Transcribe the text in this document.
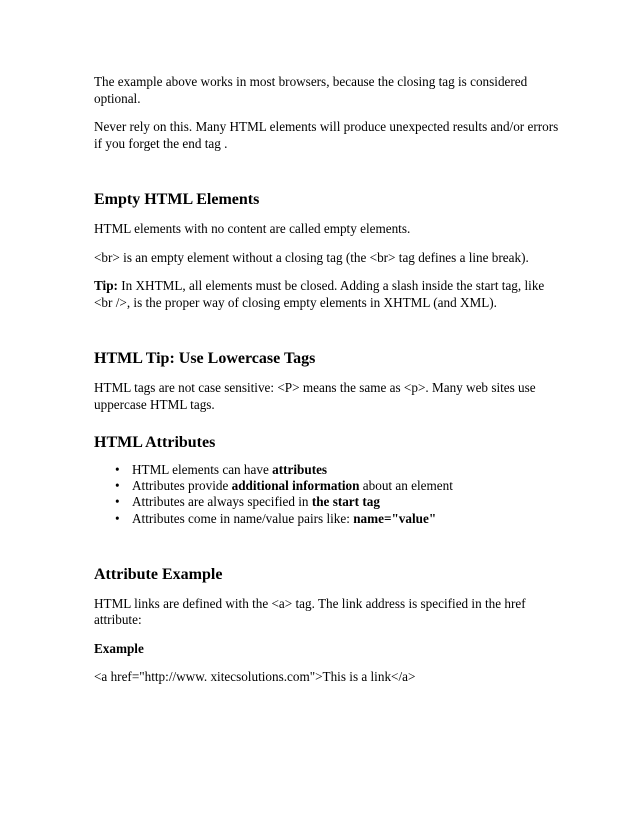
The example above works in most browsers, because the closing tag is considered optional.

Never rely on this. Many HTML elements will produce unexpected results and/or errors if you forget the end tag .

Empty HTML Elements

HTML elements with no content are called empty elements.

<br> is an empty element without a closing tag (the <br> tag defines a line break).

Tip: In XHTML, all elements must be closed. Adding a slash inside the start tag, like <br />, is the proper way of closing empty elements in XHTML (and XML).

HTML Tip: Use Lowercase Tags

HTML tags are not case sensitive: <P> means the same as <p>. Many web sites use uppercase HTML tags.

HTML Attributes
• HTML elements can have attributes
• Attributes provide additional information about an element
• Attributes are always specified in the start tag
• Attributes come in name/value pairs like: name="value"
Attribute Example

HTML links are defined with the <a> tag. The link address is specified in the href attribute:

Example

<a href="http://www. xitecsolutions.com">This is a link</a>
